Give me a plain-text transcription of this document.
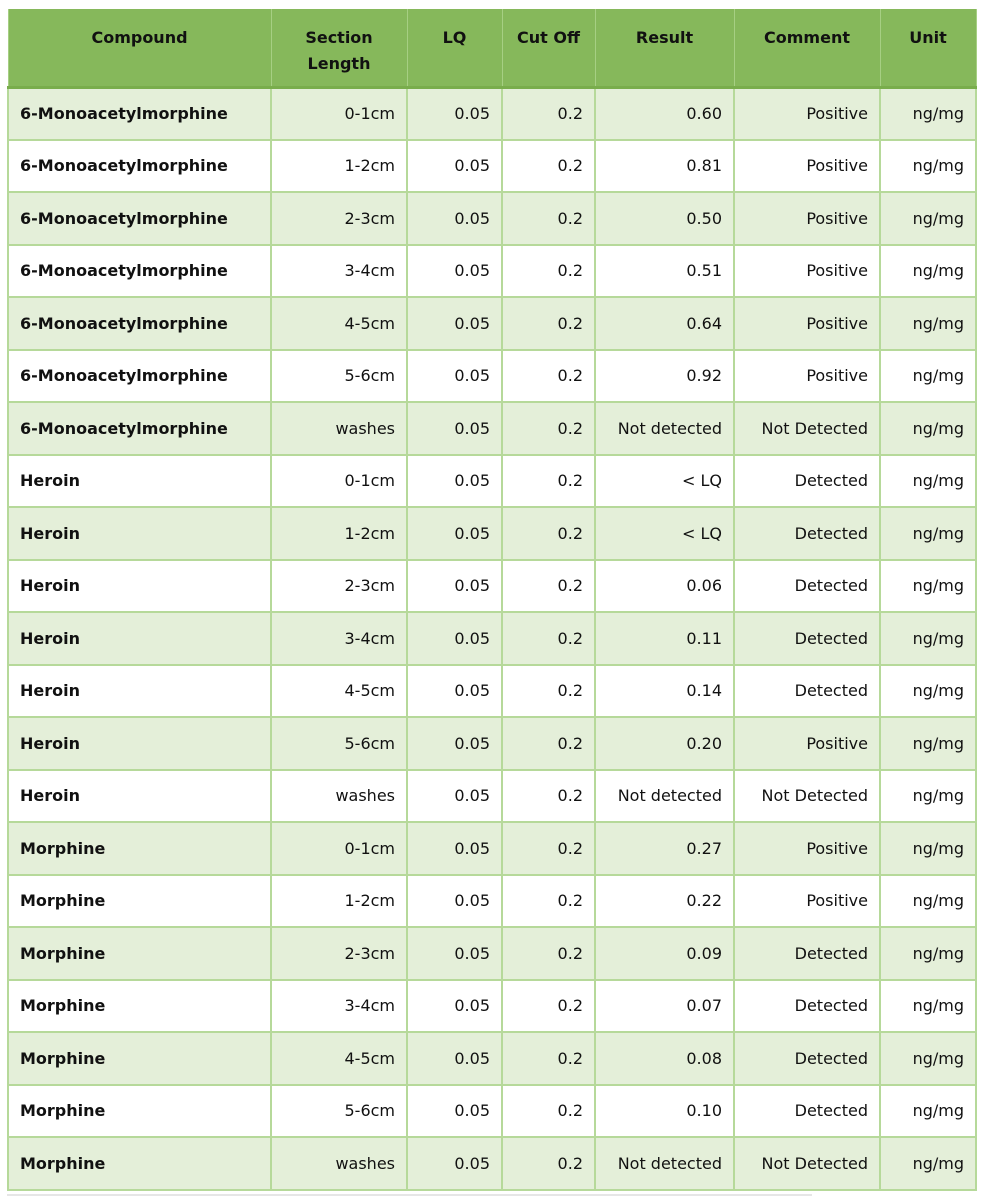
Compound	Section Length	LQ	Cut Off	Result	Comment	Unit
6-Monoacetylmorphine	0-1cm	0.05	0.2	0.60	Positive	ng/mg
6-Monoacetylmorphine	1-2cm	0.05	0.2	0.81	Positive	ng/mg
6-Monoacetylmorphine	2-3cm	0.05	0.2	0.50	Positive	ng/mg
6-Monoacetylmorphine	3-4cm	0.05	0.2	0.51	Positive	ng/mg
6-Monoacetylmorphine	4-5cm	0.05	0.2	0.64	Positive	ng/mg
6-Monoacetylmorphine	5-6cm	0.05	0.2	0.92	Positive	ng/mg
6-Monoacetylmorphine	washes	0.05	0.2	Not detected	Not Detected	ng/mg
Heroin	0-1cm	0.05	0.2	< LQ	Detected	ng/mg
Heroin	1-2cm	0.05	0.2	< LQ	Detected	ng/mg
Heroin	2-3cm	0.05	0.2	0.06	Detected	ng/mg
Heroin	3-4cm	0.05	0.2	0.11	Detected	ng/mg
Heroin	4-5cm	0.05	0.2	0.14	Detected	ng/mg
Heroin	5-6cm	0.05	0.2	0.20	Positive	ng/mg
Heroin	washes	0.05	0.2	Not detected	Not Detected	ng/mg
Morphine	0-1cm	0.05	0.2	0.27	Positive	ng/mg
Morphine	1-2cm	0.05	0.2	0.22	Positive	ng/mg
Morphine	2-3cm	0.05	0.2	0.09	Detected	ng/mg
Morphine	3-4cm	0.05	0.2	0.07	Detected	ng/mg
Morphine	4-5cm	0.05	0.2	0.08	Detected	ng/mg
Morphine	5-6cm	0.05	0.2	0.10	Detected	ng/mg
Morphine	washes	0.05	0.2	Not detected	Not Detected	ng/mg
